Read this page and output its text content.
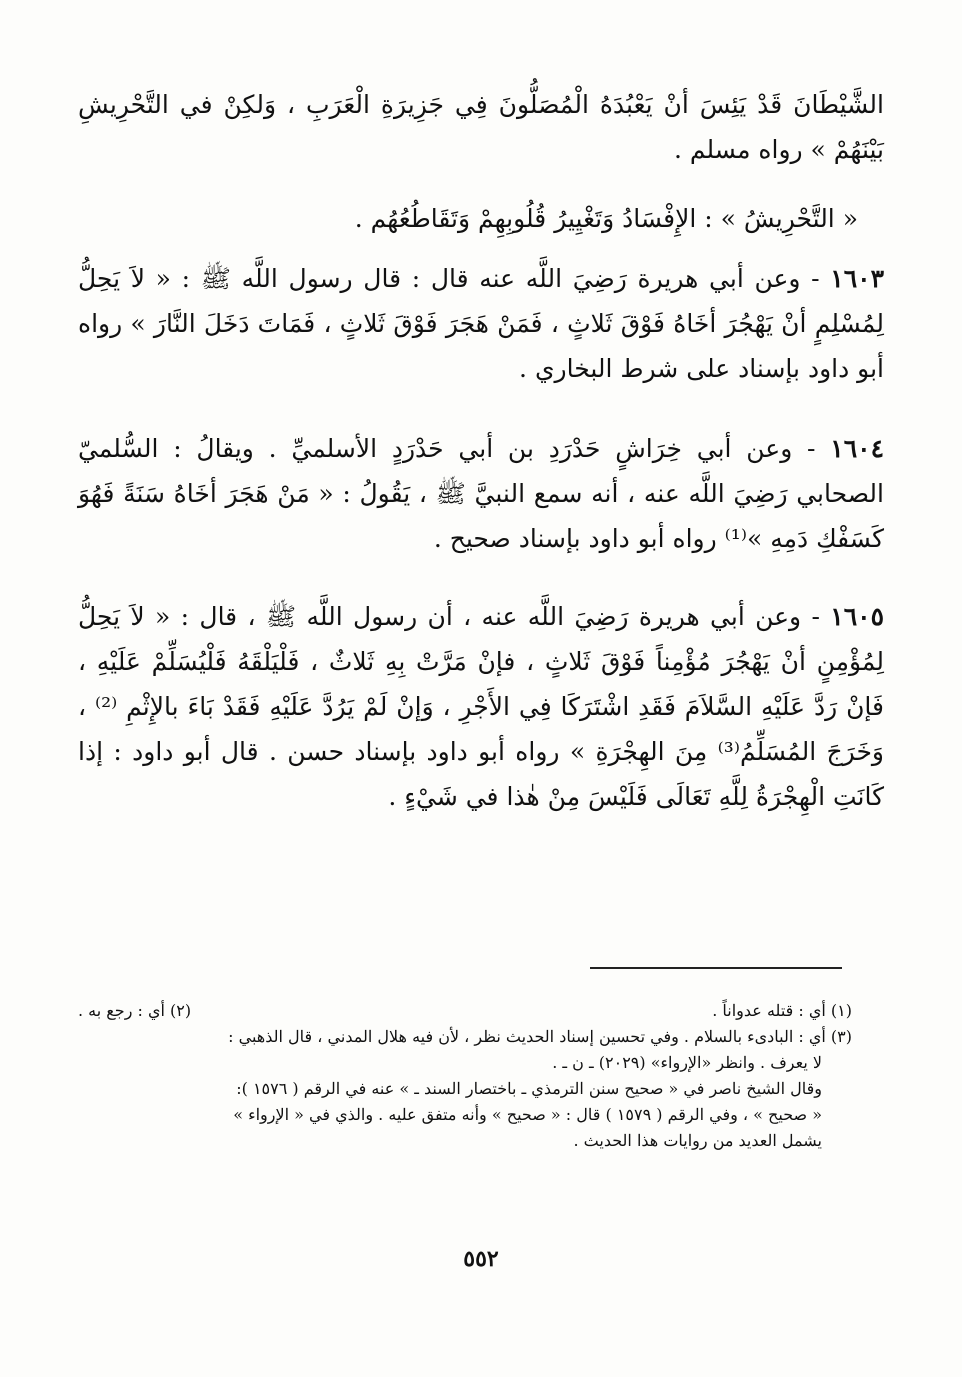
الشَّيْطَانَ قَدْ يَئِسَ أنْ يَعْبُدَهُ الْمُصَلُّونَ فِي جَزِيرَةِ الْعَرَبِ ، وَلكِنْ في التَّحْرِيشِ بَيْنَهُمْ » رواه مسلم .

« التَّحْرِيشُ » : الإِفْسَادُ وَتَغْيِيرُ قُلُوبِهِمْ وَتَقَاطُعُهُم .

١٦٠٣ - وعن أبي هريرة رَضِيَ اللَّه عنه قال : قال رسول اللَّه ﷺ : « لاَ يَحِلُّ لِمُسْلِمٍ أنْ يَهْجُرَ أخَاهُ فَوْقَ ثَلاثٍ ، فَمَنْ هَجَرَ فَوْقَ ثَلاثٍ ، فَمَاتَ دَخَلَ النَّارَ » رواه أبو داود بإسناد على شرط البخاري .

١٦٠٤ - وعن أبي خِرَاشٍ حَدْرَدِ بن أبي حَدْرَدٍ الأسلميِّ . ويقالُ : السُّلميّ الصحابي رَضِيَ اللَّه عنه ، أنه سمع النبيَّ ﷺ ، يَقُولُ : « مَنْ هَجَرَ أخَاهُ سَنَةً فَهُوَ كَسَفْكِ دَمِهِ »⁽¹⁾ رواه أبو داود بإسناد صحيح .

١٦٠٥ - وعن أبي هريرة رَضِيَ اللَّه عنه ، أن رسول اللَّه ﷺ ، قال : « لاَ يَحِلُّ لِمُؤْمِنٍ أنْ يَهْجُرَ مُؤْمِناً فَوْقَ ثَلاثٍ ، فإنْ مَرَّتْ بِهِ ثَلاثٌ ، فَلْيَلْقَهُ فَلْيُسَلِّمْ عَلَيْهِ ، فَإنْ رَدَّ عَلَيْهِ السَّلاَمَ فَقَدِ اشْتَرَكَا فِي الأَجْرِ ، وَإنْ لَمْ يَرُدَّ عَلَيْهِ فَقَدْ بَاءَ بالإِثْمِ ⁽²⁾ ، وَخَرَجَ المُسَلِّمُ⁽³⁾ مِنَ الهِجْرَةِ » رواه أبو داود بإسناد حسن . قال أبو داود : إذا كَانَتِ الْهِجْرَةُ لِلَّهِ تَعَالَى فَلَيْسَ مِنْ هٰذا في شَيْءٍ .

(١) أي : قتله عدواناً .
(٢) أي : رجع به .
(٣) أي : البادىء بالسلام . وفي تحسين إسناد الحديث نظر ، لأن فيه هلال المدني ، قال الذهبي :
لا يعرف . وانظر «الإرواء» (٢٠٢٩) ـ ن ـ .
وقال الشيخ ناصر في « صحيح سنن الترمذي ـ باختصار السند ـ » عنه في الرقم ( ١٥٧٦ ):
« صحيح » ، وفي الرقم ( ١٥٧٩ ) قال : « صحيح » وأنه متفق عليه . والذي في « الإرواء »
يشمل العديد من روايات هذا الحديث .
٥٥٢
